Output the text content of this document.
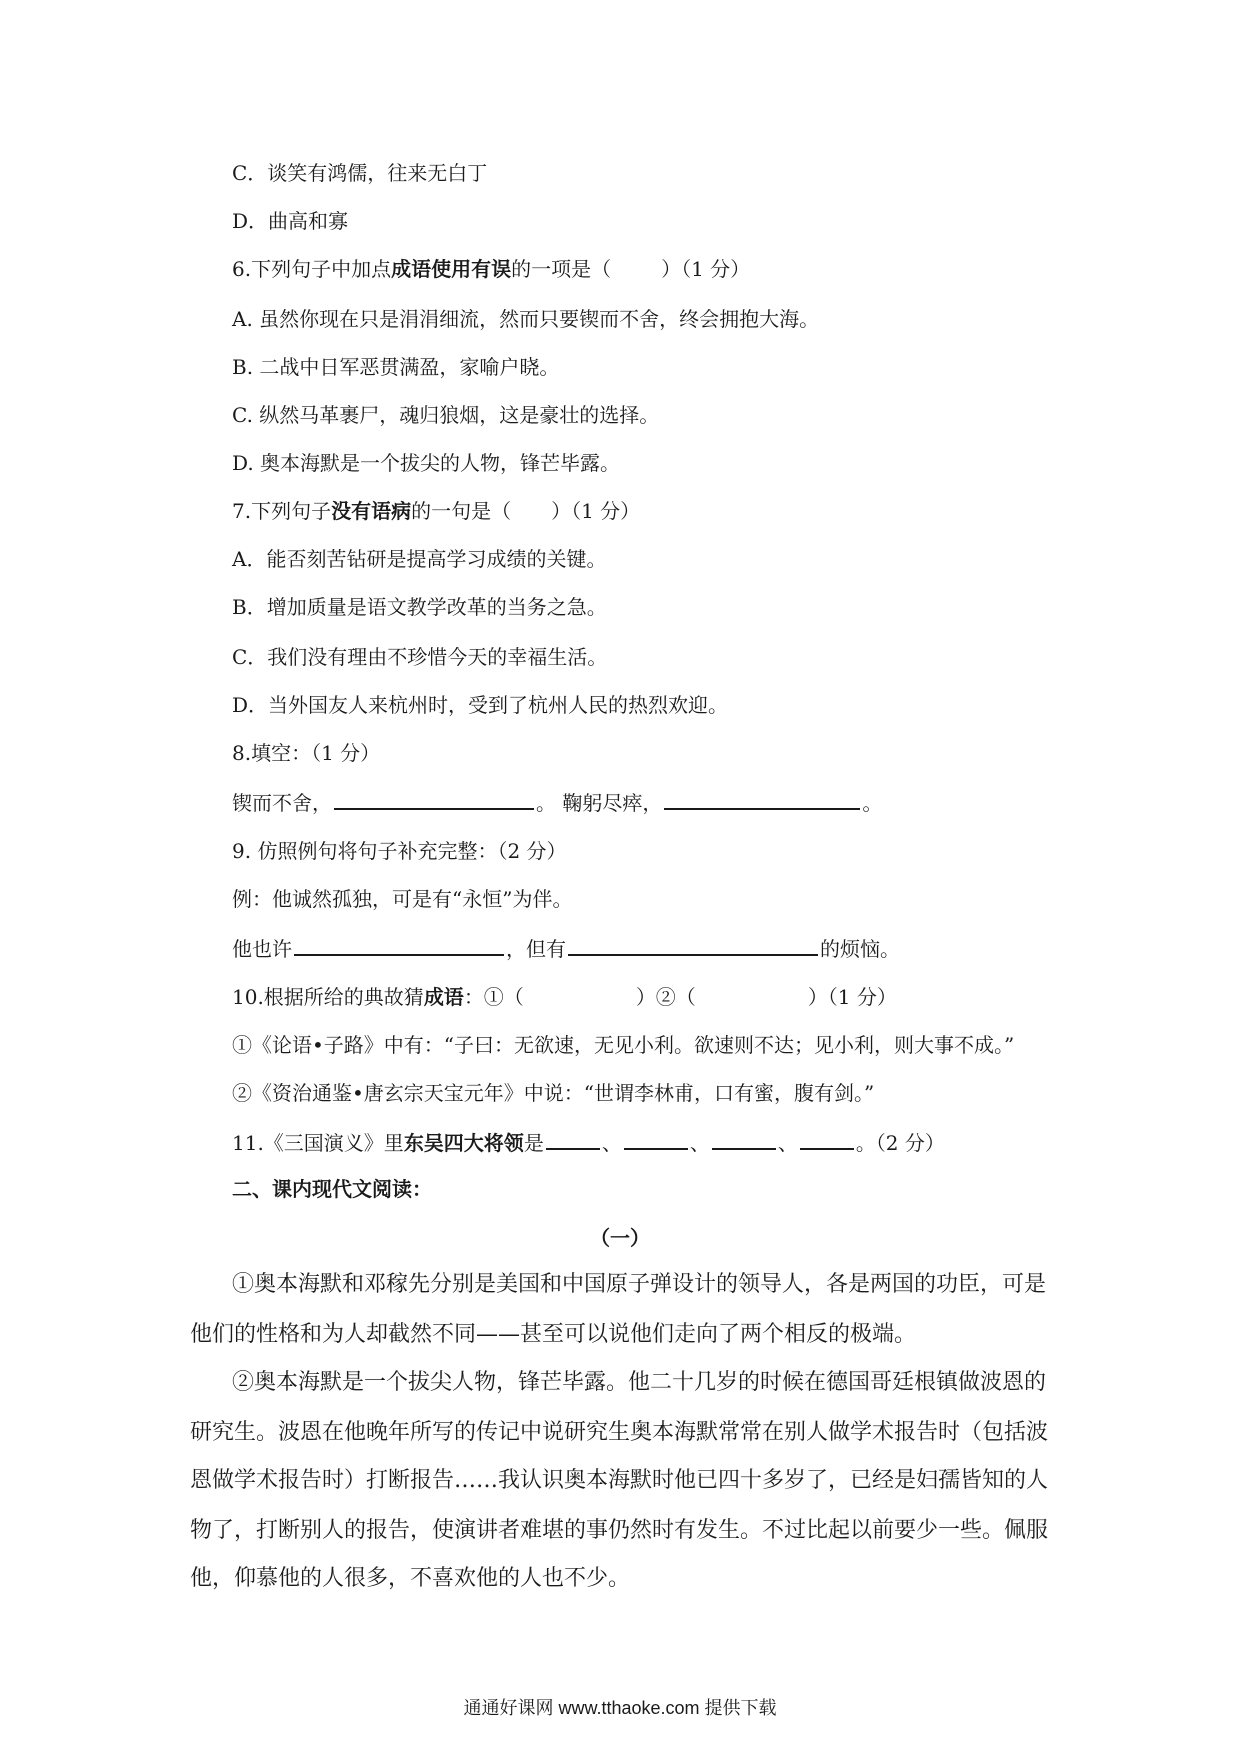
C．谈笑有鸿儒，往来无白丁
D．曲高和寡
6.下列句子中加点成语使用有误的一项是（	）（1 分）
A. 虽然你现在只是涓涓细流，然而只要锲而不舍，终会拥抱大海。
B. 二战中日军恶贯满盈，家喻户晓。
C. 纵然马革裹尸，魂归狼烟，这是豪壮的选择。
D. 奥本海默是一个拔尖的人物，锋芒毕露。
7.下列句子没有语病的一句是（ ）（1 分）
A．能否刻苦钻研是提高学习成绩的关键。
B．增加质量是语文教学改革的当务之急。
C．我们没有理由不珍惜今天的幸福生活。
D．当外国友人来杭州时，受到了杭州人民的热烈欢迎。
8.填空：（1 分）
锲而不舍，	。 鞠躬尽瘁，	。
9. 仿照例句将句子补充完整：（2 分）
例：他诚然孤独，可是有“永恒”为伴。
他也许	，但有	的烦恼。
10.根据所给的典故猜成语：①（	）②（	）（1 分）
①《论语•子路》中有：“子曰：无欲速，无见小利。欲速则不达；见小利，则大事不成。”
②《资治通鉴•唐玄宗天宝元年》中说：“世谓李林甫，口有蜜，腹有剑。”
11.《三国演义》里东吴四大将领是	、	、	、	。（2 分）
二、课内现代文阅读：
（一）
①奥本海默和邓稼先分别是美国和中国原子弹设计的领导人，各是两国的功臣，可是
他们的性格和为人却截然不同——甚至可以说他们走向了两个相反的极端。
②奥本海默是一个拔尖人物，锋芒毕露。他二十几岁的时候在德国哥廷根镇做波恩的
研究生。波恩在他晚年所写的传记中说研究生奥本海默常常在别人做学术报告时（包括波
恩做学术报告时）打断报告……我认识奥本海默时他已四十多岁了，已经是妇孺皆知的人
物了，打断别人的报告，使演讲者难堪的事仍然时有发生。不过比起以前要少一些。佩服
他，仰慕他的人很多，不喜欢他的人也不少。
通通好课网 www.tthaoke.com 提供下载
